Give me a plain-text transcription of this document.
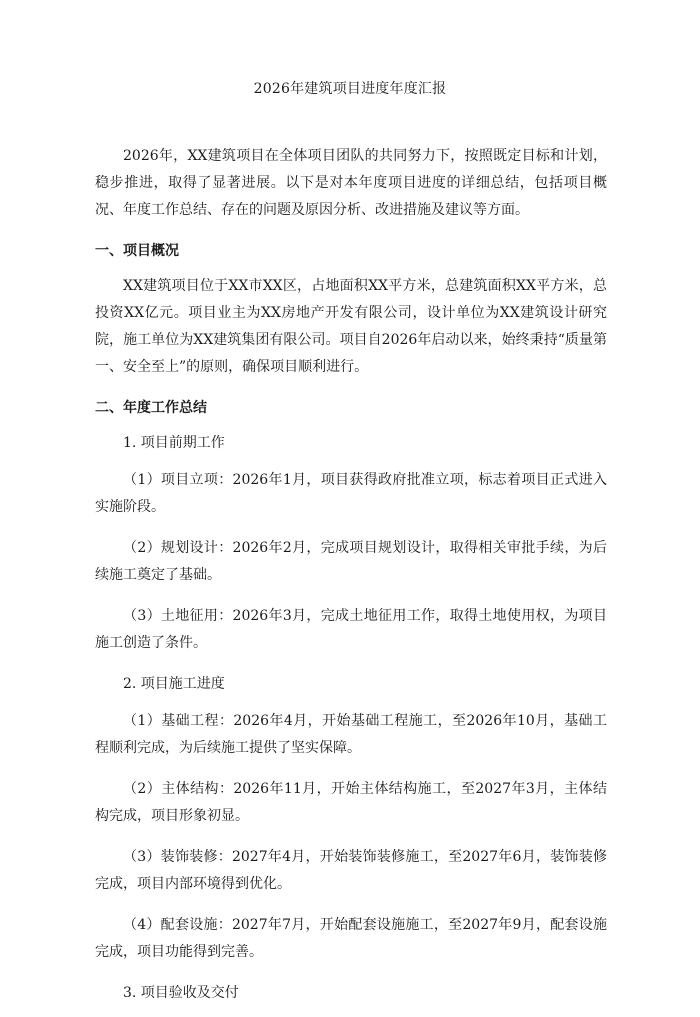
2026年建筑项目进度年度汇报

2026年，XX建筑项目在全体项目团队的共同努力下，按照既定目标和计划，稳步推进，取得了显著进展。以下是对本年度项目进度的详细总结，包括项目概况、年度工作总结、存在的问题及原因分析、改进措施及建议等方面。

一、项目概况

XX建筑项目位于XX市XX区，占地面积XX平方米，总建筑面积XX平方米，总投资XX亿元。项目业主为XX房地产开发有限公司，设计单位为XX建筑设计研究院，施工单位为XX建筑集团有限公司。项目自2026年启动以来，始终秉持“质量第一、安全至上”的原则，确保项目顺利进行。

二、年度工作总结
1. 项目前期工作

（1）项目立项：2026年1月，项目获得政府批准立项，标志着项目正式进入实施阶段。

（2）规划设计：2026年2月，完成项目规划设计，取得相关审批手续，为后续施工奠定了基础。

（3）土地征用：2026年3月，完成土地征用工作，取得土地使用权，为项目施工创造了条件。

2. 项目施工进度

（1）基础工程：2026年4月，开始基础工程施工，至2026年10月，基础工程顺利完成，为后续施工提供了坚实保障。

（2）主体结构：2026年11月，开始主体结构施工，至2027年3月，主体结构完成，项目形象初显。

（3）装饰装修：2027年4月，开始装饰装修施工，至2027年6月，装饰装修完成，项目内部环境得到优化。

（4）配套设施：2027年7月，开始配套设施施工，至2027年9月，配套设施完成，项目功能得到完善。

3. 项目验收及交付
